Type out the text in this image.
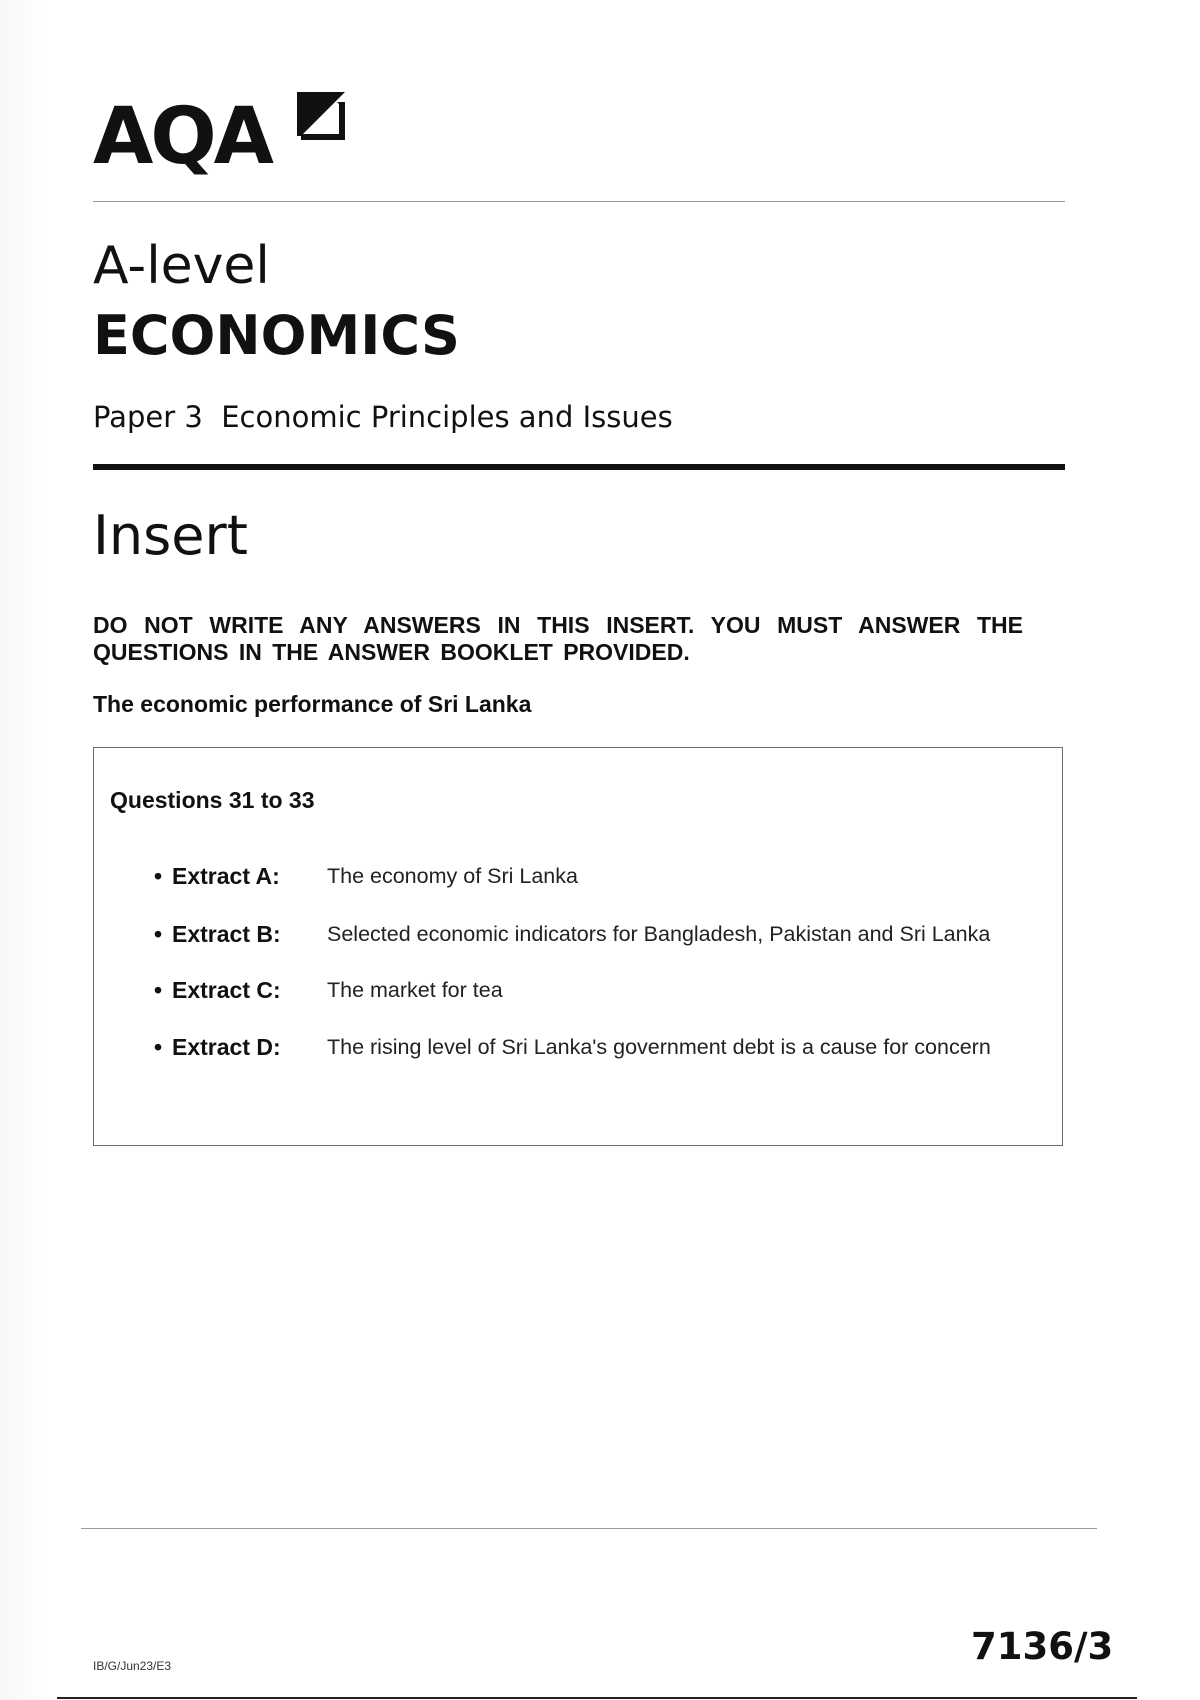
AQA
A-level
ECONOMICS
Paper 3  Economic Principles and Issues
Insert
DO NOT WRITE ANY ANSWERS IN THIS INSERT. YOU MUST ANSWER THE QUESTIONS IN THE ANSWER BOOKLET PROVIDED.
The economic performance of Sri Lanka
Questions 31 to 33
• Extract A: The economy of Sri Lanka
• Extract B: Selected economic indicators for Bangladesh, Pakistan and Sri Lanka
• Extract C: The market for tea
• Extract D: The rising level of Sri Lanka's government debt is a cause for concern
IB/G/Jun23/E3	7136/3
